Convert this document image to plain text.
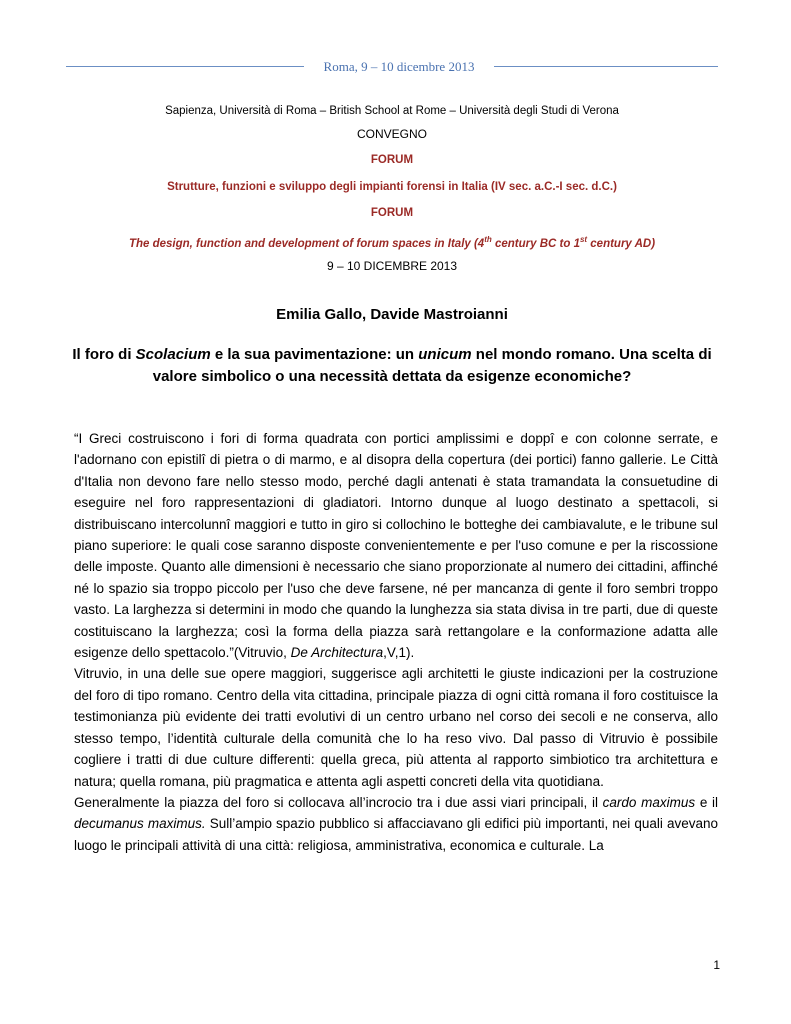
Roma, 9 – 10 dicembre 2013
Sapienza, Università di Roma – British School at Rome – Università degli Studi di Verona
CONVEGNO
FORUM
Strutture, funzioni e sviluppo degli impianti forensi in Italia (IV sec. a.C.-I sec. d.C.)
FORUM
The design, function and development of forum spaces in Italy (4th century BC to 1st century AD)
9 – 10 DICEMBRE 2013
Emilia Gallo, Davide Mastroianni
Il foro di Scolacium e la sua pavimentazione: un unicum nel mondo romano. Una scelta di valore simbolico o una necessità dettata da esigenze economiche?

“I Greci costruiscono i fori di forma quadrata con portici amplissimi e doppî e con colonne serrate, e l'adornano con epistilî di pietra o di marmo, e al disopra della copertura (dei portici) fanno gallerie. Le Città d'Italia non devono fare nello stesso modo, perché dagli antenati è stata tramandata la consuetudine di eseguire nel foro rappresentazioni di gladiatori. Intorno dunque al luogo destinato a spettacoli, si distribuiscano intercolunnî maggiori e tutto in giro si collochino le botteghe dei cambiavalute, e le tribune sul piano superiore: le quali cose saranno disposte convenientemente e per l'uso comune e per la riscossione delle imposte. Quanto alle dimensioni è necessario che siano proporzionate al numero dei cittadini, affinché né lo spazio sia troppo piccolo per l'uso che deve farsene, né per mancanza di gente il foro sembri troppo vasto. La larghezza si determini in modo che quando la lunghezza sia stata divisa in tre parti, due di queste costituiscano la larghezza; così la forma della piazza sarà rettangolare e la conformazione adatta alle esigenze dello spettacolo.”(Vitruvio, De Architectura,V,1).

Vitruvio, in una delle sue opere maggiori, suggerisce agli architetti le giuste indicazioni per la costruzione del foro di tipo romano. Centro della vita cittadina, principale piazza di ogni città romana il foro costituisce la testimonianza più evidente dei tratti evolutivi di un centro urbano nel corso dei secoli e ne conserva, allo stesso tempo, l’identità culturale della comunità che lo ha reso vivo. Dal passo di Vitruvio è possibile cogliere i tratti di due culture differenti: quella greca, più attenta al rapporto simbiotico tra architettura e natura; quella romana, più pragmatica e attenta agli aspetti concreti della vita quotidiana.

Generalmente la piazza del foro si collocava all’incrocio tra i due assi viari principali, il cardo maximus e il decumanus maximus. Sull’ampio spazio pubblico si affacciavano gli edifici più importanti, nei quali avevano luogo le principali attività di una città: religiosa, amministrativa, economica e culturale. La

1
